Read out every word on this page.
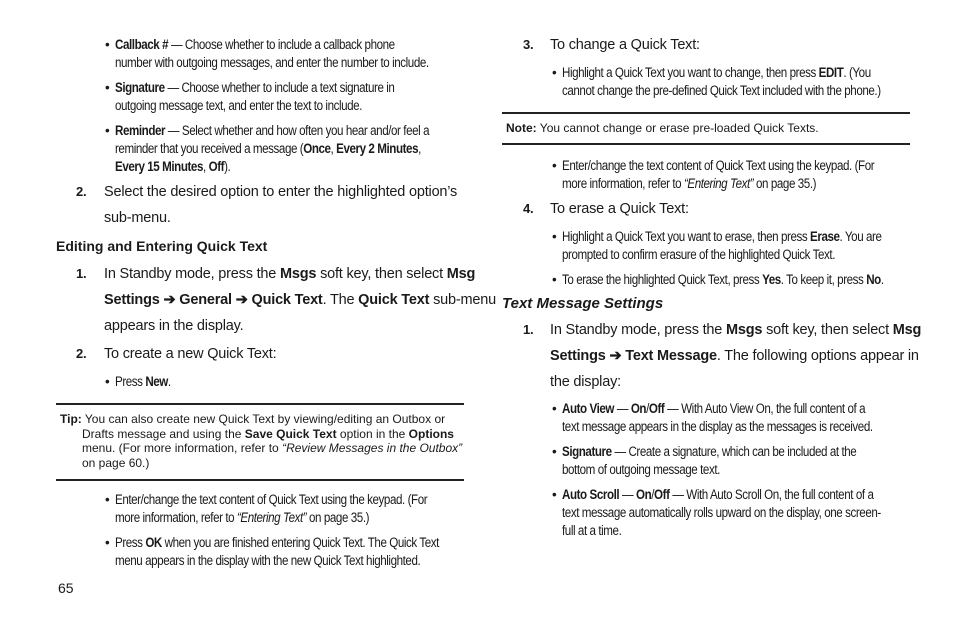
• Callback # — Choose whether to include a callback phone
number with outgoing messages, and enter the number to include.
• Signature — Choose whether to include a text signature in
outgoing message text, and enter the text to include.
• Reminder — Select whether and how often you hear and/or feel a
reminder that you received a message (Once, Every 2 Minutes,
Every 15 Minutes, Off).
2. Select the desired option to enter the highlighted option’s
sub-menu.
Editing and Entering Quick Text
1. In Standby mode, press the Msgs soft key, then select Msg
Settings ➔ General ➔ Quick Text. The Quick Text sub-menu
appears in the display.
2. To create a new Quick Text:
• Press New.
Tip: You can also create new Quick Text by viewing/editing an Outbox or
Drafts message and using the Save Quick Text option in the Options
menu. (For more information, refer to “Review Messages in the Outbox”
on page 60.)
• Enter/change the text content of Quick Text using the keypad. (For
more information, refer to “Entering Text” on page 35.)
• Press OK when you are finished entering Quick Text. The Quick Text
menu appears in the display with the new Quick Text highlighted.
65
3. To change a Quick Text:
• Highlight a Quick Text you want to change, then press EDIT. (You
cannot change the pre-defined Quick Text included with the phone.)
Note: You cannot change or erase pre-loaded Quick Texts.
• Enter/change the text content of Quick Text using the keypad. (For
more information, refer to “Entering Text” on page 35.)
4. To erase a Quick Text:
• Highlight a Quick Text you want to erase, then press Erase. You are
prompted to confirm erasure of the highlighted Quick Text.
• To erase the highlighted Quick Text, press Yes. To keep it, press No.
Text Message Settings
1. In Standby mode, press the Msgs soft key, then select Msg
Settings ➔ Text Message. The following options appear in
the display:
• Auto View — On/Off — With Auto View On, the full content of a
text message appears in the display as the messages is received.
• Signature — Create a signature, which can be included at the
bottom of outgoing message text.
• Auto Scroll — On/Off — With Auto Scroll On, the full content of a
text message automatically rolls upward on the display, one screen-
full at a time.
